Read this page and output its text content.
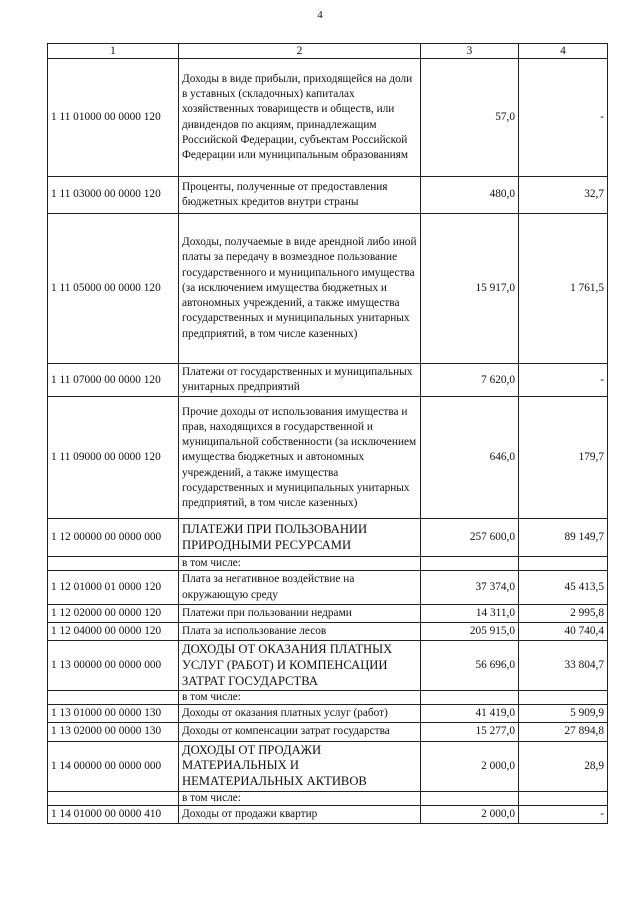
4
1	2	3	4
1 11 01000 00 0000 120	Доходы в виде прибыли, приходящейся на доли в уставных (складочных) капиталах хозяйственных товариществ и обществ, или дивидендов по акциям, принадлежащим Российской Федерации, субъектам Российской Федерации или муниципальным образованиям	57,0	-
1 11 03000 00 0000 120	Проценты, полученные от предоставления бюджетных кредитов внутри страны	480,0	32,7
1 11 05000 00 0000 120	Доходы, получаемые в виде арендной либо иной платы за передачу в возмездное пользование государственного и муниципального имущества (за исключением имущества бюджетных и автономных учреждений, а также имущества государственных и муниципальных унитарных предприятий, в том числе казенных)	15 917,0	1 761,5
1 11 07000 00 0000 120	Платежи от государственных и муниципальных унитарных предприятий	7 620,0	-
1 11 09000 00 0000 120	Прочие доходы от использования имущества и прав, находящихся в государственной и муниципальной собственности (за исключением имущества бюджетных и автономных учреждений, а также имущества государственных и муниципальных унитарных предприятий, в том числе казенных)	646,0	179,7
1 12 00000 00 0000 000	ПЛАТЕЖИ ПРИ ПОЛЬЗОВАНИИ ПРИРОДНЫМИ РЕСУРСАМИ	257 600,0	89 149,7
	в том числе:		
1 12 01000 01 0000 120	Плата за негативное воздействие на окружающую среду	37 374,0	45 413,5
1 12 02000 00 0000 120	Платежи при пользовании недрами	14 311,0	2 995,8
1 12 04000 00 0000 120	Плата за использование лесов	205 915,0	40 740,4
1 13 00000 00 0000 000	ДОХОДЫ ОТ ОКАЗАНИЯ ПЛАТНЫХ УСЛУГ (РАБОТ) И КОМПЕНСАЦИИ ЗАТРАТ ГОСУДАРСТВА	56 696,0	33 804,7
	в том числе:		
1 13 01000 00 0000 130	Доходы от оказания платных услуг (работ)	41 419,0	5 909,9
1 13 02000 00 0000 130	Доходы от компенсации затрат государства	15 277,0	27 894,8
1 14 00000 00 0000 000	ДОХОДЫ ОТ ПРОДАЖИ МАТЕРИАЛЬНЫХ И НЕМАТЕРИАЛЬНЫХ АКТИВОВ	2 000,0	28,9
	в том числе:		
1 14 01000 00 0000 410	Доходы от продажи квартир	2 000,0	-
